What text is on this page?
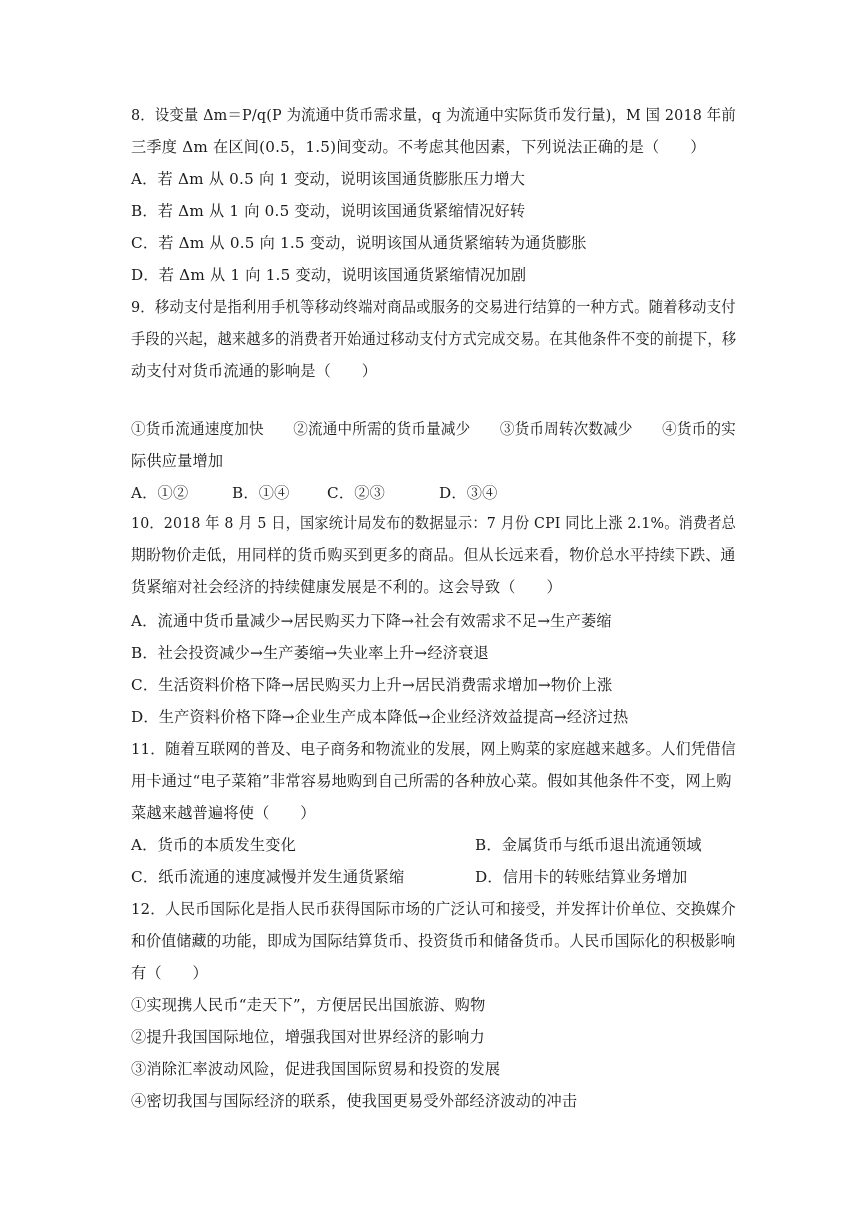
8．设变量 Δm＝P/q(P 为流通中货币需求量，q 为流通中实际货币发行量)，M 国 2018 年前
三季度 Δm 在区间(0.5，1.5)间变动。不考虑其他因素，下列说法正确的是（　　）
A．若 Δm 从 0.5 向 1 变动，说明该国通货膨胀压力增大
B．若 Δm 从 1 向 0.5 变动，说明该国通货紧缩情况好转
C．若 Δm 从 0.5 向 1.5 变动，说明该国从通货紧缩转为通货膨胀
D．若 Δm 从 1 向 1.5 变动，说明该国通货紧缩情况加剧
9．移动支付是指利用手机等移动终端对商品或服务的交易进行结算的一种方式。随着移动支付
手段的兴起，越来越多的消费者开始通过移动支付方式完成交易。在其他条件不变的前提下，移
动支付对货币流通的影响是（　　）
①货币流通速度加快　　②流通中所需的货币量减少　　③货币周转次数减少　　④货币的实
际供应量增加
A．①②	B．①④ C．②③	D．③④
10．2018 年 8 月 5 日，国家统计局发布的数据显示：7 月份 CPI 同比上涨 2.1%。消费者总
期盼物价走低，用同样的货币购买到更多的商品。但从长远来看，物价总水平持续下跌、通
货紧缩对社会经济的持续健康发展是不利的。这会导致（　　）
A．流通中货币量减少→居民购买力下降→社会有效需求不足→生产萎缩
B．社会投资减少→生产萎缩→失业率上升→经济衰退
C．生活资料价格下降→居民购买力上升→居民消费需求增加→物价上涨
D．生产资料价格下降→企业生产成本降低→企业经济效益提高→经济过热
11．随着互联网的普及、电子商务和物流业的发展，网上购菜的家庭越来越多。人们凭借信
用卡通过“电子菜箱”非常容易地购到自己所需的各种放心菜。假如其他条件不变，网上购
菜越来越普遍将使（　　）
A．货币的本质发生变化	B．金属货币与纸币退出流通领域
C．纸币流通的速度减慢并发生通货紧缩	D．信用卡的转账结算业务增加
12．人民币国际化是指人民币获得国际市场的广泛认可和接受，并发挥计价单位、交换媒介
和价值储藏的功能，即成为国际结算货币、投资货币和储备货币。人民币国际化的积极影响
有（　　）
①实现携人民币“走天下”，方便居民出国旅游、购物
②提升我国国际地位，增强我国对世界经济的影响力
③消除汇率波动风险，促进我国国际贸易和投资的发展
④密切我国与国际经济的联系，使我国更易受外部经济波动的冲击
